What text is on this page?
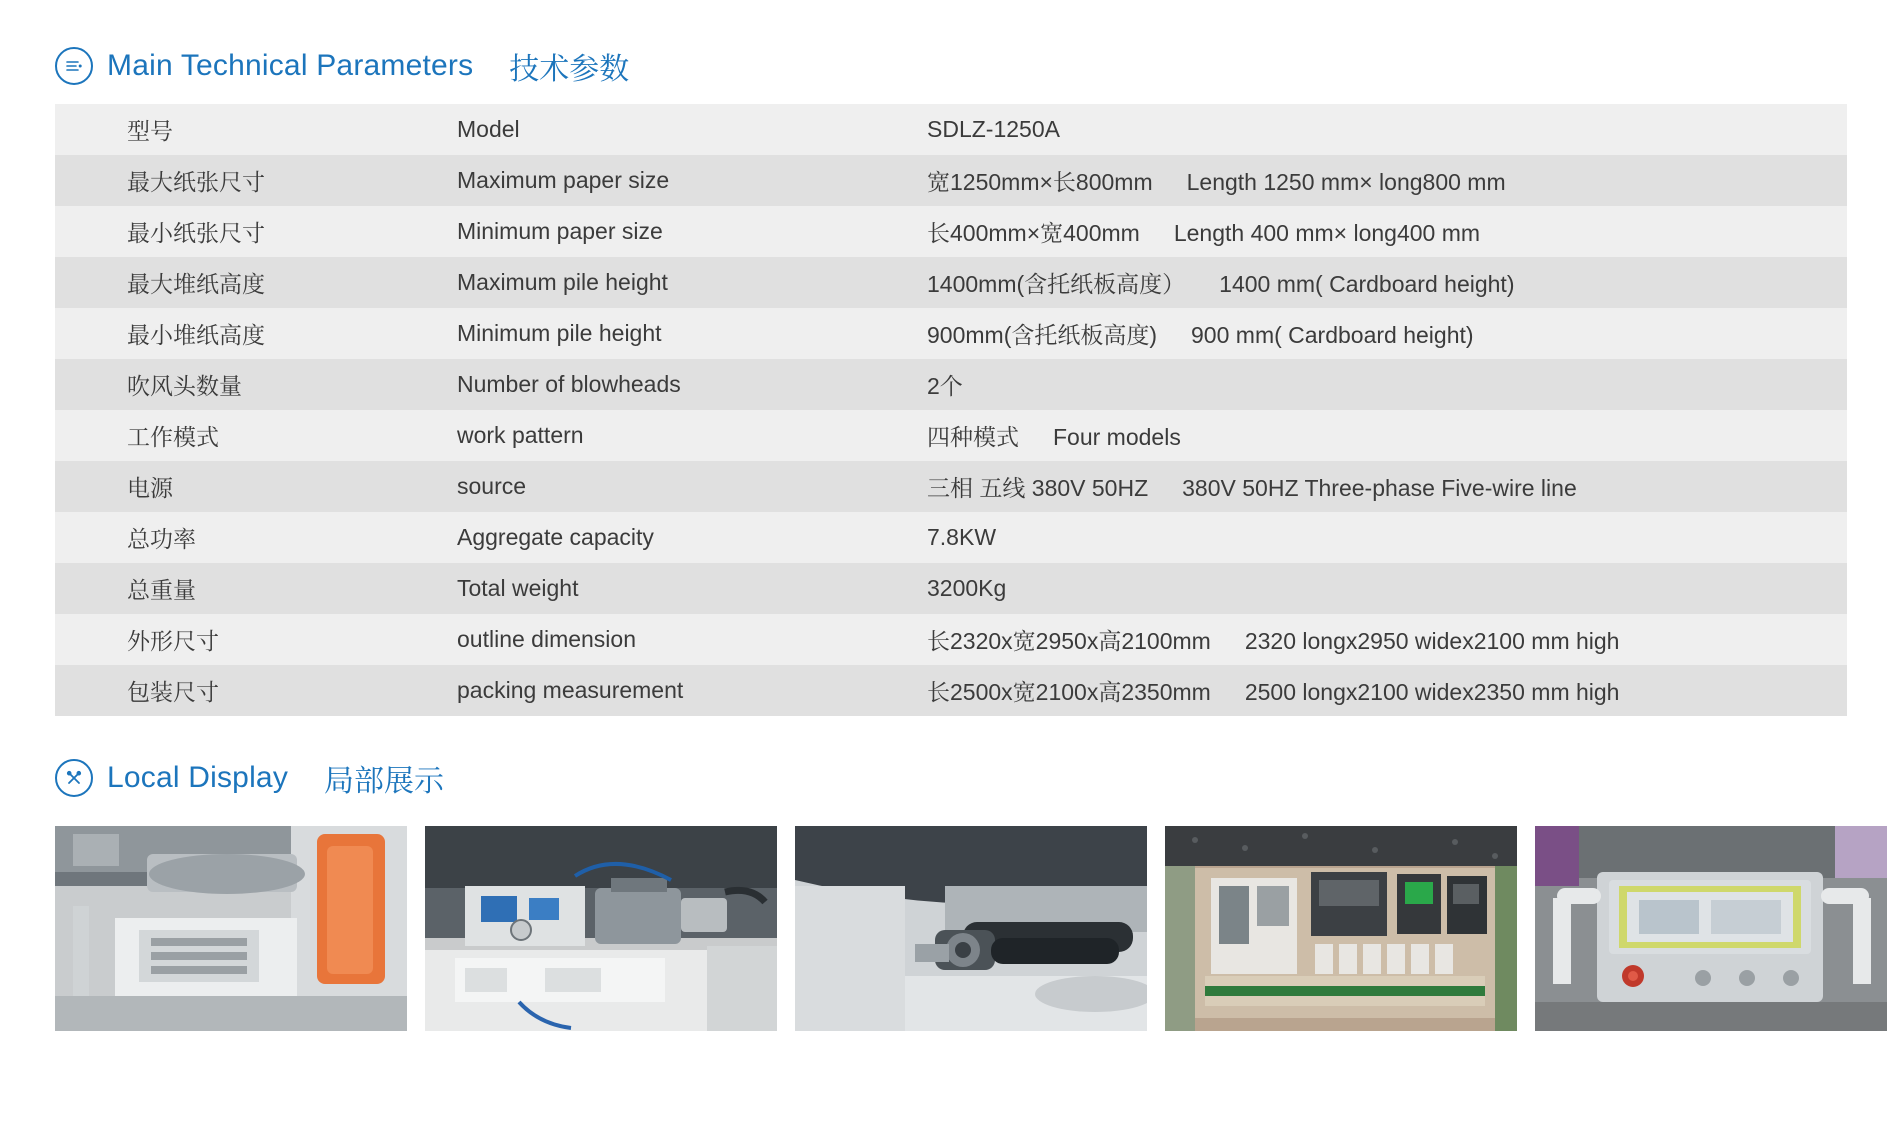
Main Technical Parameters 技术参数
型号	Model	SDLZ-1250A

最大纸张尺寸	Maximum paper size	宽1250mm×长800mm Length 1250 mm× long800 mm

最小纸张尺寸	Minimum paper size	长400mm×宽400mm Length 400 mm× long400 mm

最大堆纸高度	Maximum pile height	1400mm(含托纸板高度） 1400 mm( Cardboard height)

最小堆纸高度	Minimum pile height	900mm(含托纸板高度) 900 mm( Cardboard height)

吹风头数量	Number of blowheads	2个

工作模式	work pattern	四种模式 Four models

电源	source	三相 五线 380V 50HZ 380V 50HZ Three-phase Five-wire line

总功率	Aggregate capacity	7.8KW

总重量	Total weight	3200Kg

外形尺寸	outline dimension	长2320x宽2950x高2100mm 2320 longx2950 widex2100 mm high

包装尺寸	packing measurement	长2500x宽2100x高2350mm 2500 longx2100 widex2350 mm high
Local Display 局部展示
